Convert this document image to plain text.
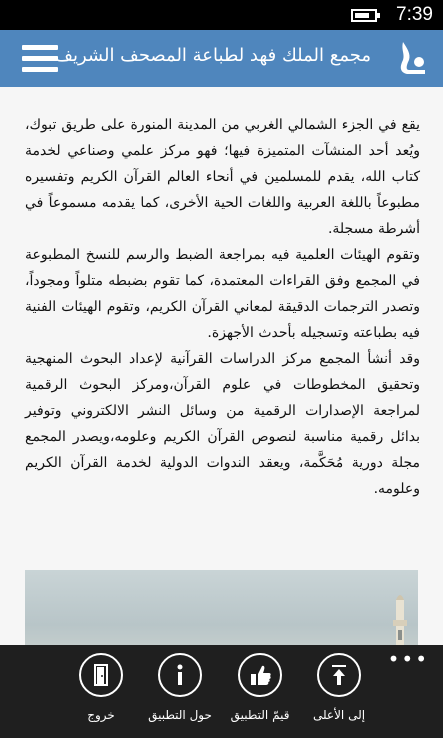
7:39
مجمع الملك فهد لطباعة المصحف الشريف

يقع في الجزء الشمالي الغربي من المدينة المنورة على طريق تبوك، ويُعد أحد المنشآت المتميزة فيها؛ فهو مركز علمي وصناعي لخدمة كتاب الله، يقدم للمسلمين في أنحاء العالم القرآن الكريم وتفسيره مطبوعاً باللغة العربية واللغات الحية الأخرى، كما يقدمه مسموعاً في أشرطة مسجلة.

وتقوم الهيئات العلمية فيه بمراجعة الضبط والرسم للنسخ المطبوعة في المجمع وفق القراءات المعتمدة، كما تقوم بضبطه متلواً ومجوداً، وتصدر الترجمات الدقيقة لمعاني القرآن الكريم، وتقوم الهيئات الفنية فيه بطباعته وتسجيله بأحدث الأجهزة.

وقد أنشأ المجمع مركز الدراسات القرآنية لإعداد البحوث المنهجية وتحقيق المخطوطات في علوم القرآن،ومركز البحوث الرقمية لمراجعة الإصدارات الرقمية من وسائل النشر الالكتروني وتوفير بدائل رقمية مناسبة لنصوص القرآن الكريم وعلومه،ويصدر المجمع مجلة دورية مُحَكَّمة، ويعقد الندوات الدولية لخدمة القرآن الكريم وعلومه.

•••
خروج	حول التطبيق	قيمّ التطبيق	إلى الأعلى
